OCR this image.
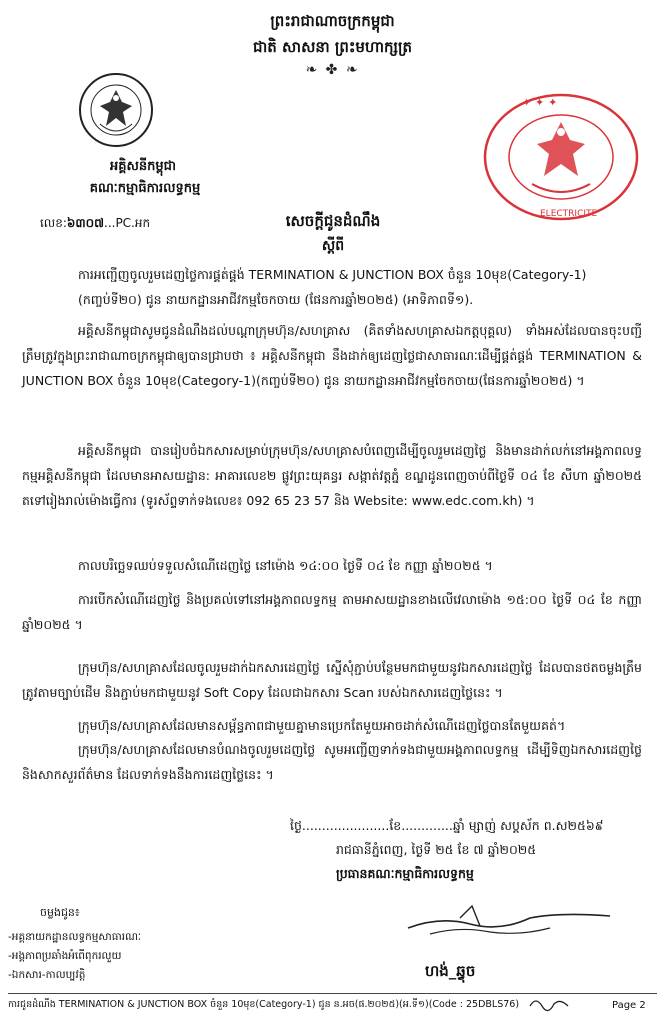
ព្រះរាជាណាចក្រកម្ពុជា
ជាតិ សាសនា ព្រះមហាក្សត្រ
❧ ✤ ❧
✦ ✦ ✦
ELECTRICITE
អគ្គិសនីកម្ពុជា
គណៈកម្មាធិការលទ្ធកម្ម
លេខ:៦៣០៧...PC.អក	សេចក្តីជូនដំណឹង
ស្តីពី
ការអញ្ជើញចូលរួមដេញថ្លៃការផ្គត់ផ្គង់ TERMINATION & JUNCTION BOX ចំនួន 10មុខ(Category-1)
(កញ្ចប់ទី២០) ជូន នាយកដ្ឋានអាជីវកម្មចែកចាយ (ផែនការឆ្នាំ២០២៥) (អាទិភាពទី១).
អគ្គិសនីកម្ពុជាសូមជូនដំណឹងដល់បណ្តាក្រុមហ៊ុន/សហគ្រាស (គិតទាំងសហគ្រាសឯកត្តបុគ្គល) ទាំងអស់ដែលបានចុះបញ្ជីត្រឹមត្រូវក្នុងព្រះរាជាណាចក្រកម្ពុជាឲ្យបានជ្រាបថា ៖ អគ្គិសនីកម្ពុជា នឹងដាក់ឲ្យដេញថ្លៃជាសាធារណៈដើម្បីផ្គត់ផ្គង់ TERMINATION & JUNCTION BOX ចំនួន 10មុខ(Category-1)(កញ្ចប់ទី២០) ជូន នាយកដ្ឋានអាជីវកម្មចែកចាយ(ផែនការឆ្នាំ២០២៥) ។
អគ្គិសនីកម្ពុជា បានរៀបចំឯកសារសម្រាប់ក្រុមហ៊ុន/សហគ្រាសបំពេញដើម្បីចូលរួមដេញថ្លៃ និងមានដាក់លក់នៅអង្គភាពលទ្ធកម្មអគ្គិសនីកម្ពុជា ដែលមានអាសយដ្ឋាន: អាគារលេខ២ ផ្លូវព្រះយុគន្ធរ សង្កាត់វត្តភ្នំ ខណ្ឌដូនពេញចាប់ពីថ្ងៃទី ០៤ ខែ សីហា ឆ្នាំ២០២៥ តទៅរៀងរាល់ម៉ោងធ្វើការ (ទូរស័ព្ទទាក់ទងលេខ៖ 092 65 23 57 និង Website: www.edc.com.kh) ។
កាលបរិច្ឆេទឈប់ទទួលសំណើដេញថ្លៃ នៅម៉ោង ១៤:០០ ថ្ងៃទី ០៤ ខែ កញ្ញា ឆ្នាំ២០២៥ ។
ការបើកសំណើដេញថ្លៃ និងប្រគល់ទៅនៅអង្គភាពលទ្ធកម្ម តាមអាសយដ្ឋានខាងលើវេលាម៉ោង ១៥:០០ ថ្ងៃទី ០៤ ខែ កញ្ញា ឆ្នាំ២០២៥ ។
ក្រុមហ៊ុន/សហគ្រាសដែលចូលរួមដាក់ឯកសារដេញថ្លៃ ស្នើសុំភ្ជាប់បន្ថែមមកជាមួយនូវឯកសារដេញថ្លៃ ដែលបានថតចម្លងត្រឹមត្រូវតាមច្បាប់ដើម និងភ្ជាប់មកជាមួយនូវ Soft Copy ដែលជាឯកសារ Scan របស់ឯកសារដេញថ្លៃនេះ ។
ក្រុមហ៊ុន/សហគ្រាសដែលមានសម្ព័ន្ធភាពជាមួយគ្នាមានប្រេកតែមួយអាចដាក់សំណើដេញថ្លៃបានតែមួយគត់។
ក្រុមហ៊ុន/សហគ្រាសដែលមានបំណងចូលរួមដេញថ្លៃ សូមអញ្ជើញទាក់ទងជាមួយអង្គភាពលទ្ធកម្ម ដើម្បីទិញឯកសារដេញថ្លៃ និងសាកសួរព័ត៌មាន ដែលទាក់ទងនឹងការដេញថ្លៃនេះ ។
ថ្ងៃ......................ខែ.............ឆ្នាំ ម្សាញ់ សប្តស័ក ព.ស២៥៦៩
រាជធានីភ្នំពេញ, ថ្ងៃទី ២៥ ខែ ៧ ឆ្នាំ២០២៥
ប្រធានគណៈកម្មាធិការលទ្ធកម្ម
ហង់_ឆ្វុច
ចម្លងជូន៖
-អគ្គនាយកដ្ឋានលទ្ធកម្មសាធារណៈ
-អង្គភាពប្រឆាំងអំពើពុករលួយ
-ឯកសារ-កាលប្បវត្តិ
ការជូនដំណឹង TERMINATION & JUNCTION BOX ចំនួន 10មុខ(Category-1) ជូន ន.អច(ផ.២០២៥)(អ.ទី១)(Code : 25DBLS76)	Page 2
